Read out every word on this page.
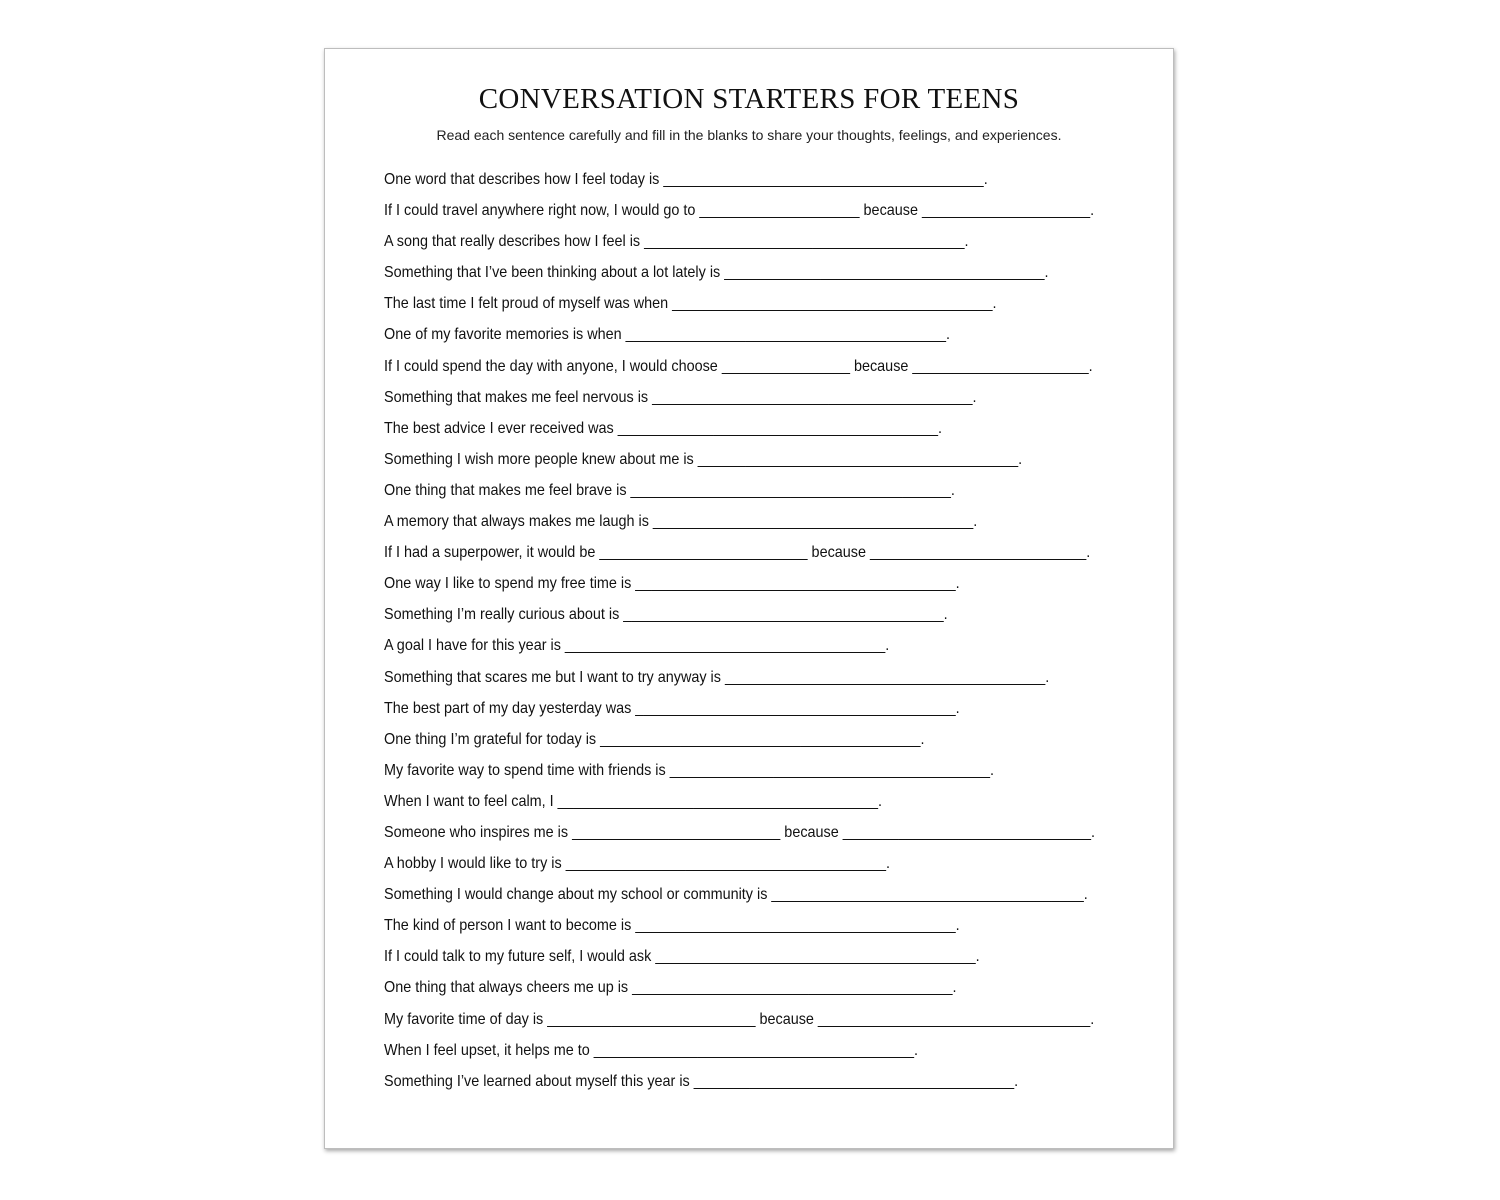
CONVERSATION STARTERS FOR TEENS
Read each sentence carefully and fill in the blanks to share your thoughts, feelings, and experiences.
One word that describes how I feel today is ________________________________________.
If I could travel anywhere right now, I would go to ____________________ because _____________________.
A song that really describes how I feel is ________________________________________.
Something that I’ve been thinking about a lot lately is ________________________________________.
The last time I felt proud of myself was when ________________________________________.
One of my favorite memories is when ________________________________________.
If I could spend the day with anyone, I would choose ________________ because ______________________.
Something that makes me feel nervous is ________________________________________.
The best advice I ever received was ________________________________________.
Something I wish more people knew about me is ________________________________________.
One thing that makes me feel brave is ________________________________________.
A memory that always makes me laugh is ________________________________________.
If I had a superpower, it would be __________________________ because ___________________________.
One way I like to spend my free time is ________________________________________.
Something I’m really curious about is ________________________________________.
A goal I have for this year is ________________________________________.
Something that scares me but I want to try anyway is ________________________________________.
The best part of my day yesterday was ________________________________________.
One thing I’m grateful for today is ________________________________________.
My favorite way to spend time with friends is ________________________________________.
When I want to feel calm, I ________________________________________.
Someone who inspires me is __________________________ because _______________________________.
A hobby I would like to try is ________________________________________.
Something I would change about my school or community is _______________________________________.
The kind of person I want to become is ________________________________________.
If I could talk to my future self, I would ask ________________________________________.
One thing that always cheers me up is ________________________________________.
My favorite time of day is __________________________ because __________________________________.
When I feel upset, it helps me to ________________________________________.
Something I’ve learned about myself this year is ________________________________________.
